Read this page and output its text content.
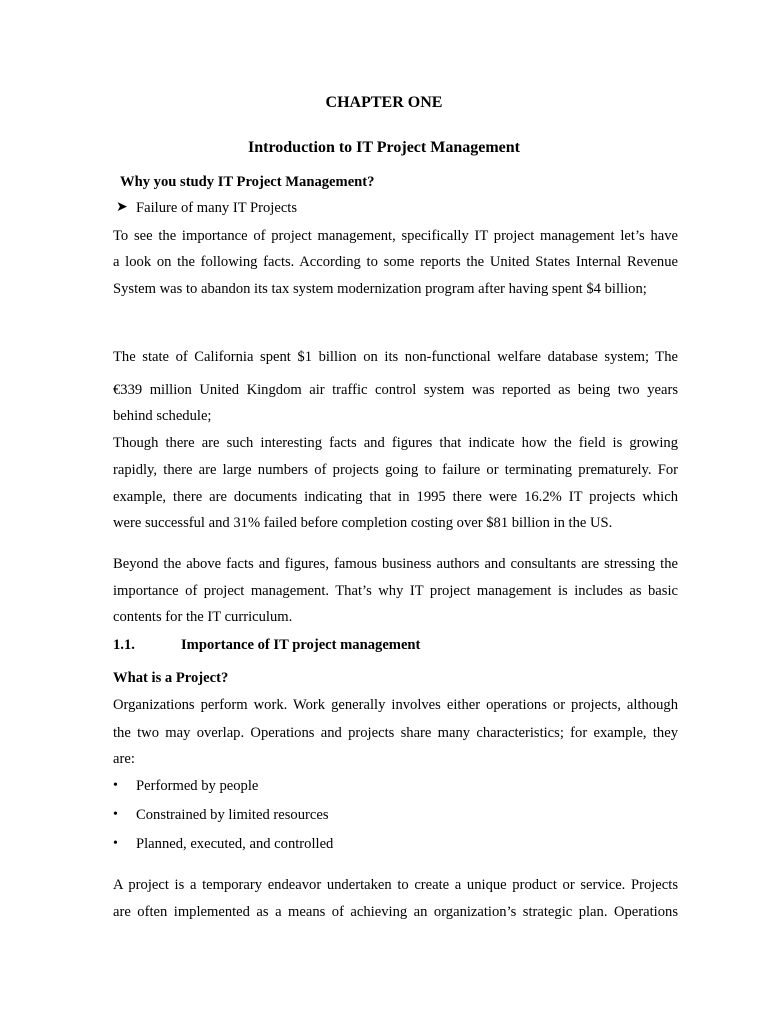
CHAPTER ONE
Introduction to IT Project Management
Why you study IT Project Management?
➤ Failure of many IT Projects
To see the importance of project management, specifically IT project management let’s have
a look on the following facts. According to some reports the United States Internal Revenue
System was to abandon its tax system modernization program after having spent $4 billion;
The state of California spent $1 billion on its non-functional welfare database system; The
€339 million United Kingdom air traffic control system was reported as being two years
behind schedule;
Though there are such interesting facts and figures that indicate how the field is growing
rapidly, there are large numbers of projects going to failure or terminating prematurely. For
example, there are documents indicating that in 1995 there were 16.2% IT projects which
were successful and 31% failed before completion costing over $81 billion in the US.
Beyond the above facts and figures, famous business authors and consultants are stressing the
importance of project management. That’s why IT project management is includes as basic
contents for the IT curriculum.
1.1.	Importance of IT project management
What is a Project?
Organizations perform work. Work generally involves either operations or projects, although
the two may overlap. Operations and projects share many characteristics; for example, they
are:
• Performed by people
• Constrained by limited resources
• Planned, executed, and controlled
A project is a temporary endeavor undertaken to create a unique product or service. Projects
are often implemented as a means of achieving an organization’s strategic plan. Operations
